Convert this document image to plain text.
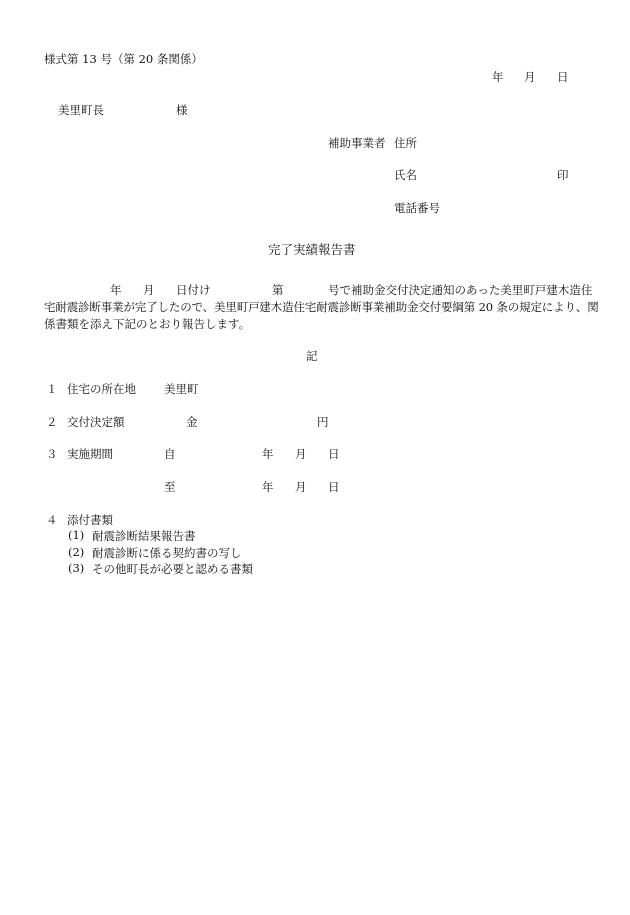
様式第 13 号（第 20 条関係）
年 月 日
美里町長	様
補助事業者 住所
氏名	印
電話番号
完了実績報告書
年 月 日付け	第	号で補助金交付決定通知のあった美里町戸建木造住
宅耐震診断事業が完了したので、美里町戸建木造住宅耐震診断事業補助金交付要綱第 20 条の規定により、関
係書類を添え下記のとおり報告します。
記
１ 住宅の所在地 美里町
２ 交付決定額	金	円
３ 実施期間	自	年 月 日
至	年 月 日
４ 添付書類
(1) 耐震診断結果報告書
(2) 耐震診断に係る契約書の写し
(3) その他町長が必要と認める書類
